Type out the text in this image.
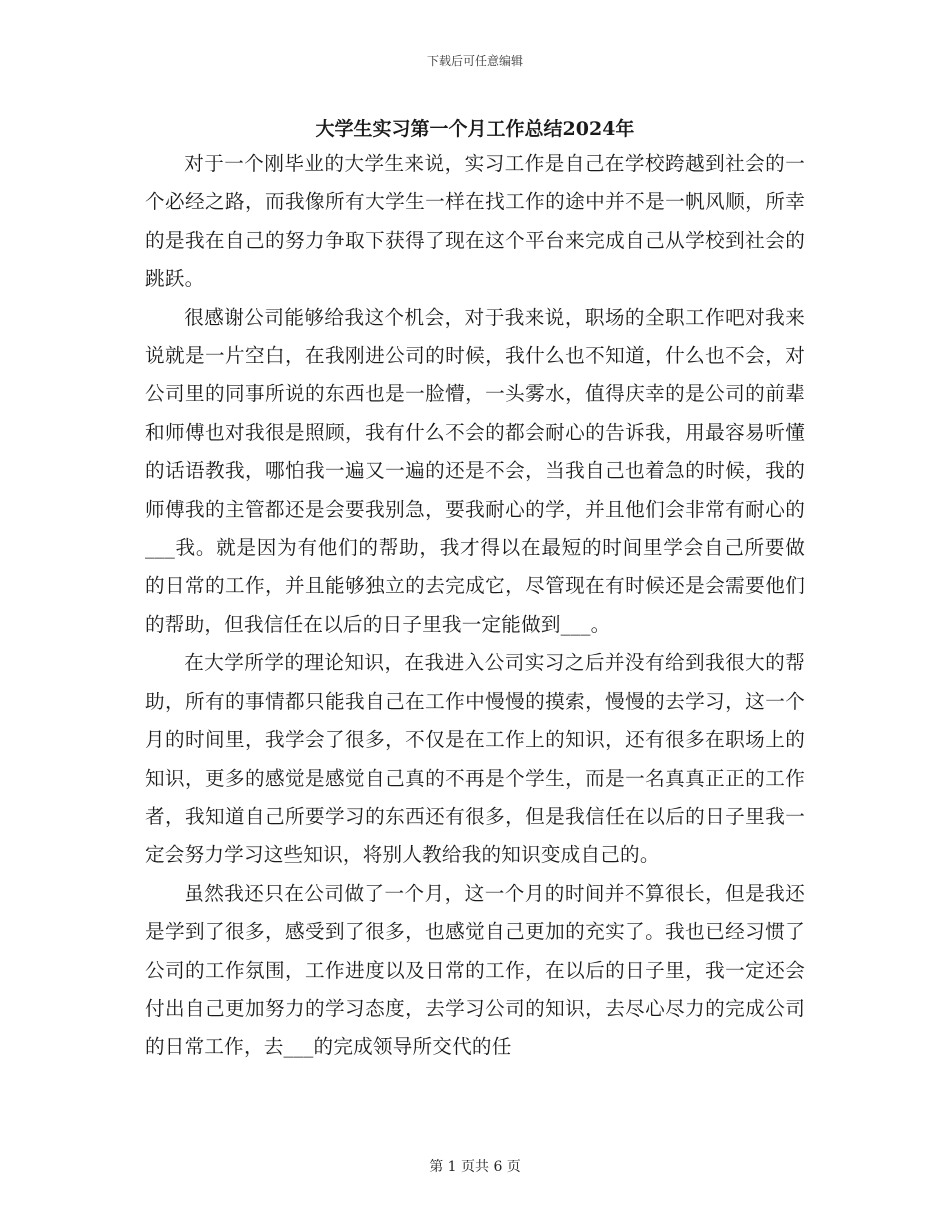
下载后可任意编辑
大学生实习第一个月工作总结2024年

对于一个刚毕业的大学生来说，实习工作是自己在学校跨越到社会的一个必经之路，而我像所有大学生一样在找工作的途中并不是一帆风顺，所幸的是我在自己的努力争取下获得了现在这个平台来完成自己从学校到社会的跳跃。

很感谢公司能够给我这个机会，对于我来说，职场的全职工作吧对我来说就是一片空白，在我刚进公司的时候，我什么也不知道，什么也不会，对公司里的同事所说的东西也是一脸懵，一头雾水，值得庆幸的是公司的前辈和师傅也对我很是照顾，我有什么不会的都会耐心的告诉我，用最容易听懂的话语教我，哪怕我一遍又一遍的还是不会，当我自己也着急的时候，我的师傅我的主管都还是会要我别急，要我耐心的学，并且他们会非常有耐心的___我。就是因为有他们的帮助，我才得以在最短的时间里学会自己所要做的日常的工作，并且能够独立的去完成它，尽管现在有时候还是会需要他们的帮助，但我信任在以后的日子里我一定能做到___。

在大学所学的理论知识，在我进入公司实习之后并没有给到我很大的帮助，所有的事情都只能我自己在工作中慢慢的摸索，慢慢的去学习，这一个月的时间里，我学会了很多，不仅是在工作上的知识，还有很多在职场上的知识，更多的感觉是感觉自己真的不再是个学生，而是一名真真正正的工作者，我知道自己所要学习的东西还有很多，但是我信任在以后的日子里我一定会努力学习这些知识，将别人教给我的知识变成自己的。

虽然我还只在公司做了一个月，这一个月的时间并不算很长，但是我还是学到了很多，感受到了很多，也感觉自己更加的充实了。我也已经习惯了公司的工作氛围，工作进度以及日常的工作，在以后的日子里，我一定还会付出自己更加努力的学习态度，去学习公司的知识，去尽心尽力的完成公司的日常工作，去___的完成领导所交代的任

第 1 页共 6 页
